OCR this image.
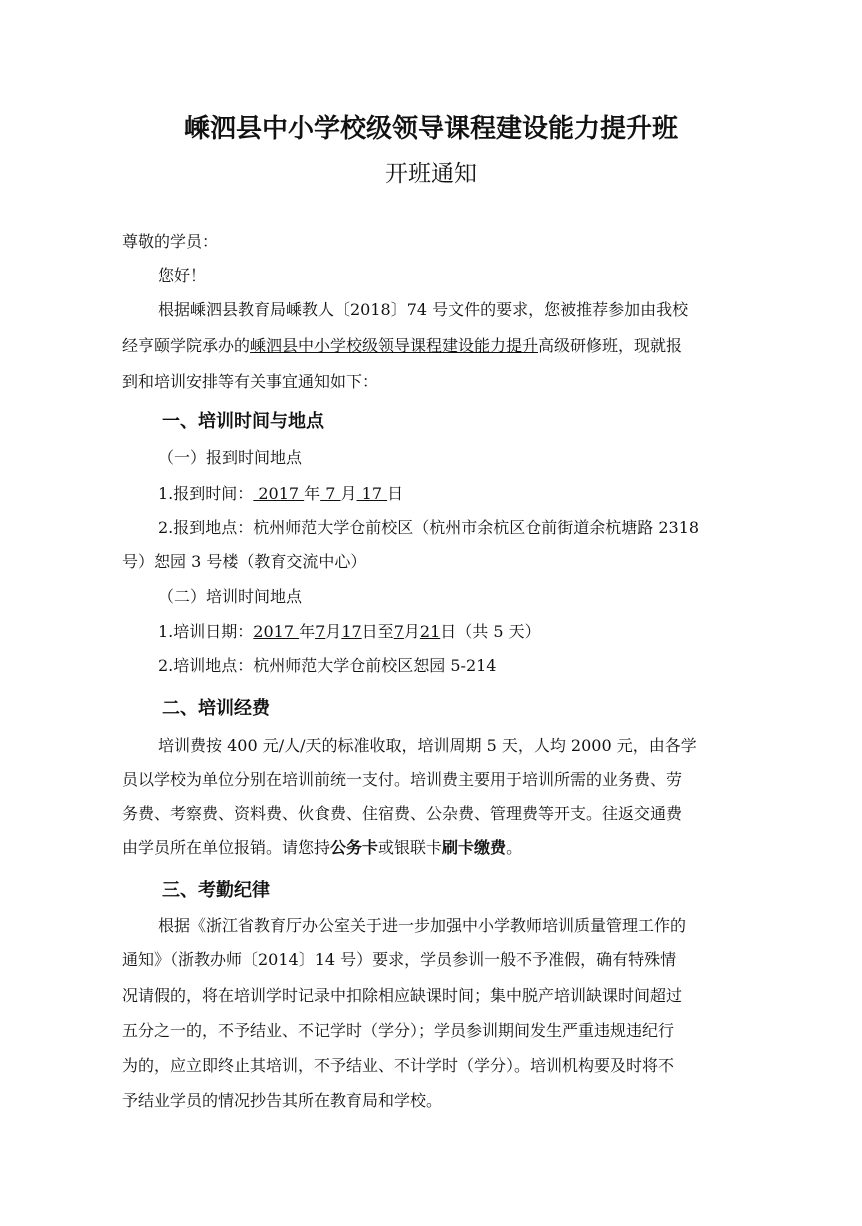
嵊泗县中小学校级领导课程建设能力提升班
开班通知
尊敬的学员：
您好！
根据嵊泗县教育局嵊教人〔2018〕74 号文件的要求，您被推荐参加由我校
经亨颐学院承办的嵊泗县中小学校级领导课程建设能力提升高级研修班，现就报
到和培训安排等有关事宜通知如下：
一、培训时间与地点
（一）报到时间地点
1.报到时间： 2017 年 7 月 17 日
2.报到地点：杭州师范大学仓前校区（杭州市余杭区仓前街道余杭塘路 2318
号）恕园 3 号楼（教育交流中心）
（二）培训时间地点
1.培训日期：2017 年7月17日至7月21日（共 5 天）
2.培训地点：杭州师范大学仓前校区恕园 5-214
二、培训经费
培训费按 400 元/人/天的标准收取，培训周期 5 天，人均 2000 元，由各学
员以学校为单位分别在培训前统一支付。培训费主要用于培训所需的业务费、劳
务费、考察费、资料费、伙食费、住宿费、公杂费、管理费等开支。往返交通费
由学员所在单位报销。请您持公务卡或银联卡刷卡缴费。
三、考勤纪律
根据《浙江省教育厅办公室关于进一步加强中小学教师培训质量管理工作的
通知》（浙教办师〔2014〕14 号）要求，学员参训一般不予准假，确有特殊情
况请假的，将在培训学时记录中扣除相应缺课时间；集中脱产培训缺课时间超过
五分之一的，不予结业、不记学时（学分）；学员参训期间发生严重违规违纪行
为的，应立即终止其培训，不予结业、不计学时（学分）。培训机构要及时将不
予结业学员的情况抄告其所在教育局和学校。
